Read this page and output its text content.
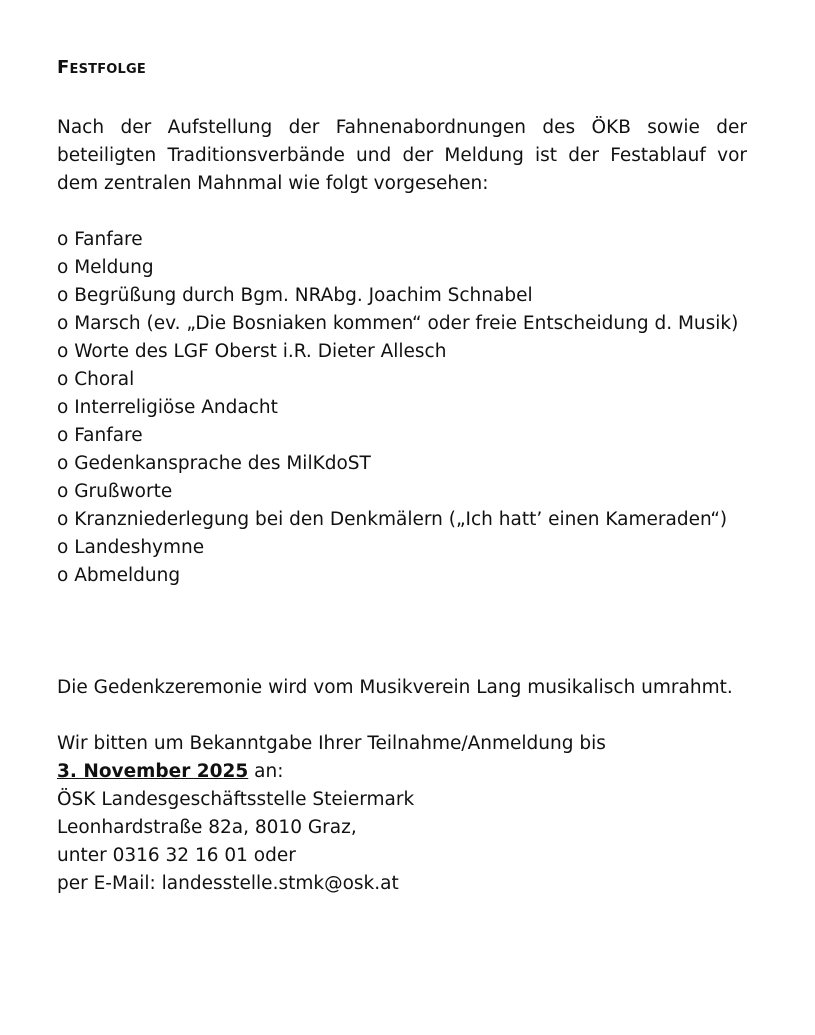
Festfolge

Nach der Aufstellung der Fahnenabordnungen des ÖKB sowie der beteiligten Traditionsverbände und der Meldung ist der Festablauf vor dem zentralen Mahnmal wie folgt vorgesehen:

o Fanfare
o Meldung
o Begrüßung durch Bgm. NRAbg. Joachim Schnabel
o Marsch (ev. „Die Bosniaken kommen“ oder freie Entscheidung d. Musik)
o Worte des LGF Oberst i.R. Dieter Allesch
o Choral
o Interreligiöse Andacht
o Fanfare
o Gedenkansprache des MilKdoST
o Grußworte
o Kranzniederlegung bei den Denkmälern („Ich hatt’ einen Kameraden“)
o Landeshymne
o Abmeldung

Die Gedenkzeremonie wird vom Musikverein Lang musikalisch umrahmt.

Wir bitten um Bekanntgabe Ihrer Teilnahme/Anmeldung bis
3. November 2025 an:
ÖSK Landesgeschäftsstelle Steiermark
Leonhardstraße 82a, 8010 Graz,
unter 0316 32 16 01 oder
per E-Mail: landesstelle.stmk@osk.at
